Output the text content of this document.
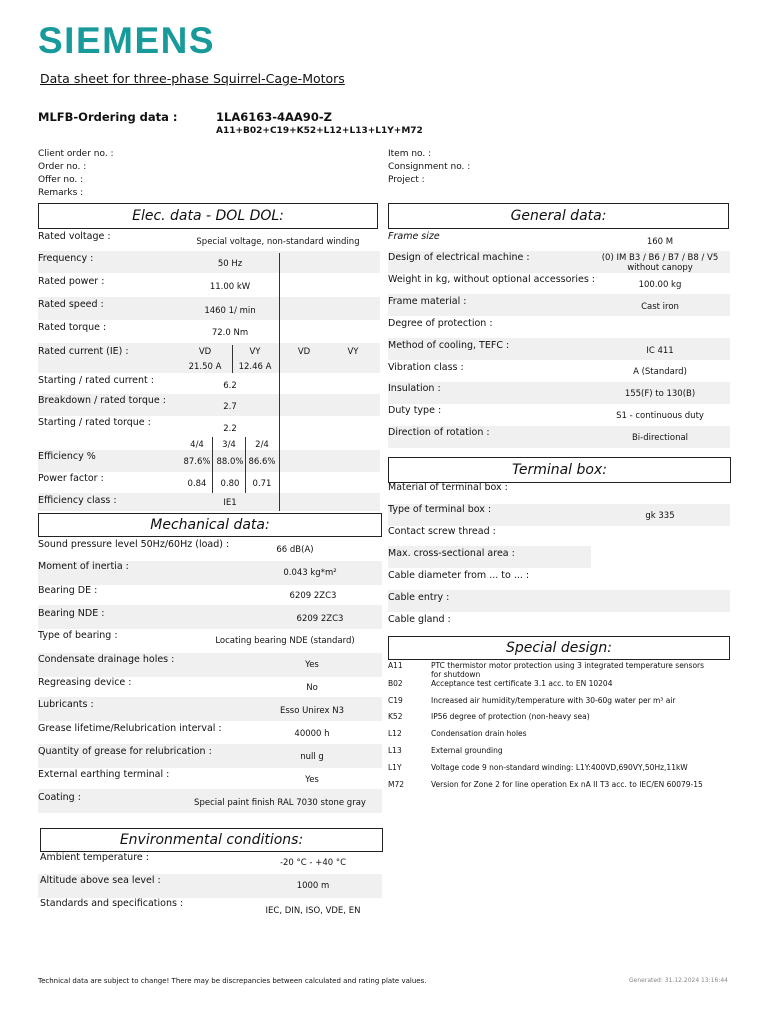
SIEMENS
Data sheet for three-phase Squirrel-Cage-Motors
MLFB-Ordering data :	1LA6163-4AA90-Z
A11+B02+C19+K52+L12+L13+L1Y+M72
Client order no. :
Order no. :
Offer no. :
Remarks :
Item no. :
Consignment no. :
Project :
Elec. data - DOL DOL:
Rated voltage :	Special voltage, non-standard winding
Frequency :	50 Hz
Rated power :	11.00 kW
Rated speed :
1460 1/ min
Rated torque :	72.0 Nm
Rated current (IE) :	VD	VY	VD	VY
21.50 A	12.46 A
Starting / rated current :	6.2
Breakdown / rated torque :
2.7
Starting / rated torque :
2.2
4/4	3/4	2/4
Efficiency %	87.6% 88.0% 86.6%
Power factor :	0.84	0.80	0.71
Efficiency class :	IE1
General data:
Frame size	160 M
Design of electrical machine :	(0) IM B3 / B6 / B7 / B8 / V5 without canopy
Weight in kg, without optional accessories :	100.00 kg
Frame material :	Cast iron
Degree of protection :
Method of cooling, TEFC :	IC 411
Vibration class :	A (Standard)
Insulation :	155(F) to 130(B)
Duty type :	S1 - continuous duty
Direction of rotation :	Bi-directional
Terminal box:
Material of terminal box :
Type of terminal box :
gk 335
Contact screw thread :
Max. cross-sectional area :
Cable diameter from ... to ... :
Cable entry :
Cable gland :
Mechanical data:
Sound pressure level 50Hz/60Hz (load) :	66 dB(A)
Moment of inertia :
0.043 kg*m²
Bearing DE :	6209 2ZC3
Bearing NDE :	6209 2ZC3
Type of bearing :	Locating bearing NDE (standard)
Condensate drainage holes :	Yes
Regreasing device :	No
Lubricants :
Esso Unirex N3
Grease lifetime/Relubrication interval :	40000 h
Quantity of grease for relubrication :	null g
External earthing terminal :	Yes
Coating :	Special paint finish RAL 7030 stone gray
Special design:
A11	PTC thermistor motor protection using 3 integrated temperature sensors for shutdown
B02	Acceptance test certificate 3.1 acc. to EN 10204
C19	Increased air humidity/temperature with 30-60g water per m³ air
K52	IP56 degree of protection (non-heavy sea)
L12	Condensation drain holes
L13	External grounding
L1Y	Voltage code 9 non-standard winding: L1Y:400VD,690VY,50Hz,11kW
M72	Version for Zone 2 for line operation Ex nA II T3 acc. to IEC/EN 60079-15
Environmental conditions:
Ambient temperature :	-20 °C - +40 °C
Altitude above sea level :	1000 m
Standards and specifications :
IEC, DIN, ISO, VDE, EN
Technical data are subject to change! There may be discrepancies between calculated and rating plate values.	Generated: 31.12.2024 13:16:44
